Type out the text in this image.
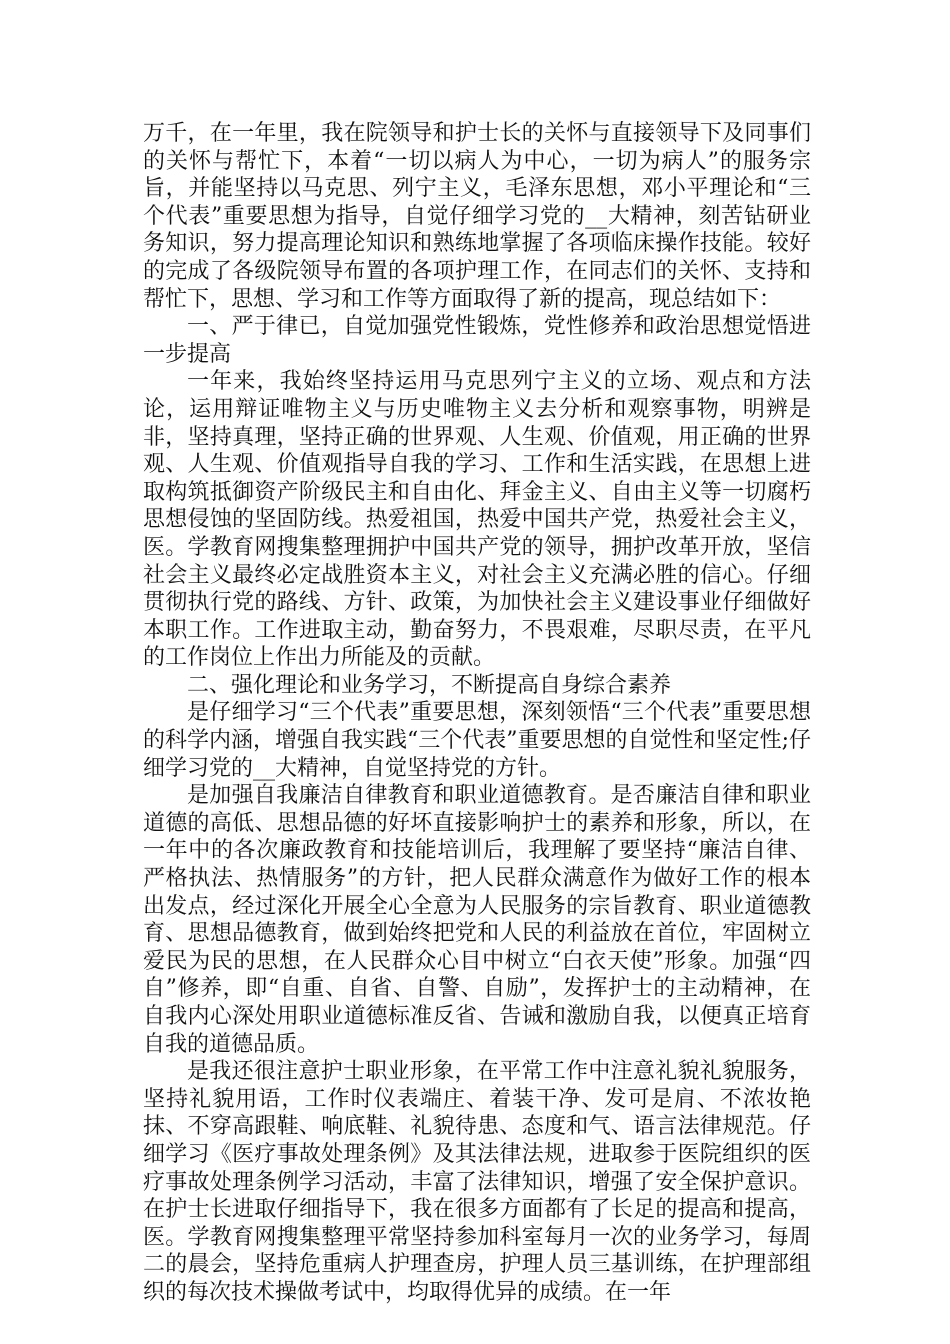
万千，在一年里，我在院领导和护士长的关怀与直接领导下及同事们的关怀与帮忙下，本着“一切以病人为中心，一切为病人”的服务宗旨，并能坚持以马克思、列宁主义，毛泽东思想，邓小平理论和“三个代表”重要思想为指导，自觉仔细学习党的__大精神，刻苦钻研业务知识，努力提高理论知识和熟练地掌握了各项临床操作技能。较好的完成了各级院领导布置的各项护理工作，在同志们的关怀、支持和帮忙下，思想、学习和工作等方面取得了新的提高，现总结如下：

一、严于律已，自觉加强党性锻炼，党性修养和政治思想觉悟进一步提高

一年来，我始终坚持运用马克思列宁主义的立场、观点和方法论，运用辩证唯物主义与历史唯物主义去分析和观察事物，明辨是非，坚持真理，坚持正确的世界观、人生观、价值观，用正确的世界观、人生观、价值观指导自我的学习、工作和生活实践，在思想上进取构筑抵御资产阶级民主和自由化、拜金主义、自由主义等一切腐朽思想侵蚀的坚固防线。热爱祖国，热爱中国共产党，热爱社会主义，医。学教育网搜集整理拥护中国共产党的领导，拥护改革开放，坚信社会主义最终必定战胜资本主义，对社会主义充满必胜的信心。仔细贯彻执行党的路线、方针、政策，为加快社会主义建设事业仔细做好本职工作。工作进取主动，勤奋努力，不畏艰难，尽职尽责，在平凡的工作岗位上作出力所能及的贡献。

二、强化理论和业务学习，不断提高自身综合素养

是仔细学习“三个代表”重要思想，深刻领悟“三个代表”重要思想的科学内涵，增强自我实践“三个代表”重要思想的自觉性和坚定性;仔细学习党的__大精神，自觉坚持党的方针。

是加强自我廉洁自律教育和职业道德教育。是否廉洁自律和职业道德的高低、思想品德的好坏直接影响护士的素养和形象，所以，在一年中的各次廉政教育和技能培训后，我理解了要坚持“廉洁自律、严格执法、热情服务”的方针，把人民群众满意作为做好工作的根本出发点，经过深化开展全心全意为人民服务的宗旨教育、职业道德教育、思想品德教育，做到始终把党和人民的利益放在首位，牢固树立爱民为民的思想，在人民群众心目中树立“白衣天使”形象。加强“四自”修养，即“自重、自省、自警、自励”，发挥护士的主动精神，在自我内心深处用职业道德标准反省、告诫和激励自我，以便真正培育自我的道德品质。

是我还很注意护士职业形象，在平常工作中注意礼貌礼貌服务，坚持礼貌用语，工作时仪表端庄、着装干净、发可是肩、不浓妆艳抹、不穿高跟鞋、响底鞋、礼貌待患、态度和气、语言法律规范。仔细学习《医疗事故处理条例》及其法律法规，进取参于医院组织的医疗事故处理条例学习活动，丰富了法律知识，增强了安全保护意识。在护士长进取仔细指导下，我在很多方面都有了长足的提高和提高，医。学教育网搜集整理平常坚持参加科室每月一次的业务学习，每周二的晨会，坚持危重病人护理查房，护理人员三基训练，在护理部组织的每次技术操做考试中，均取得优异的成绩。在一年
